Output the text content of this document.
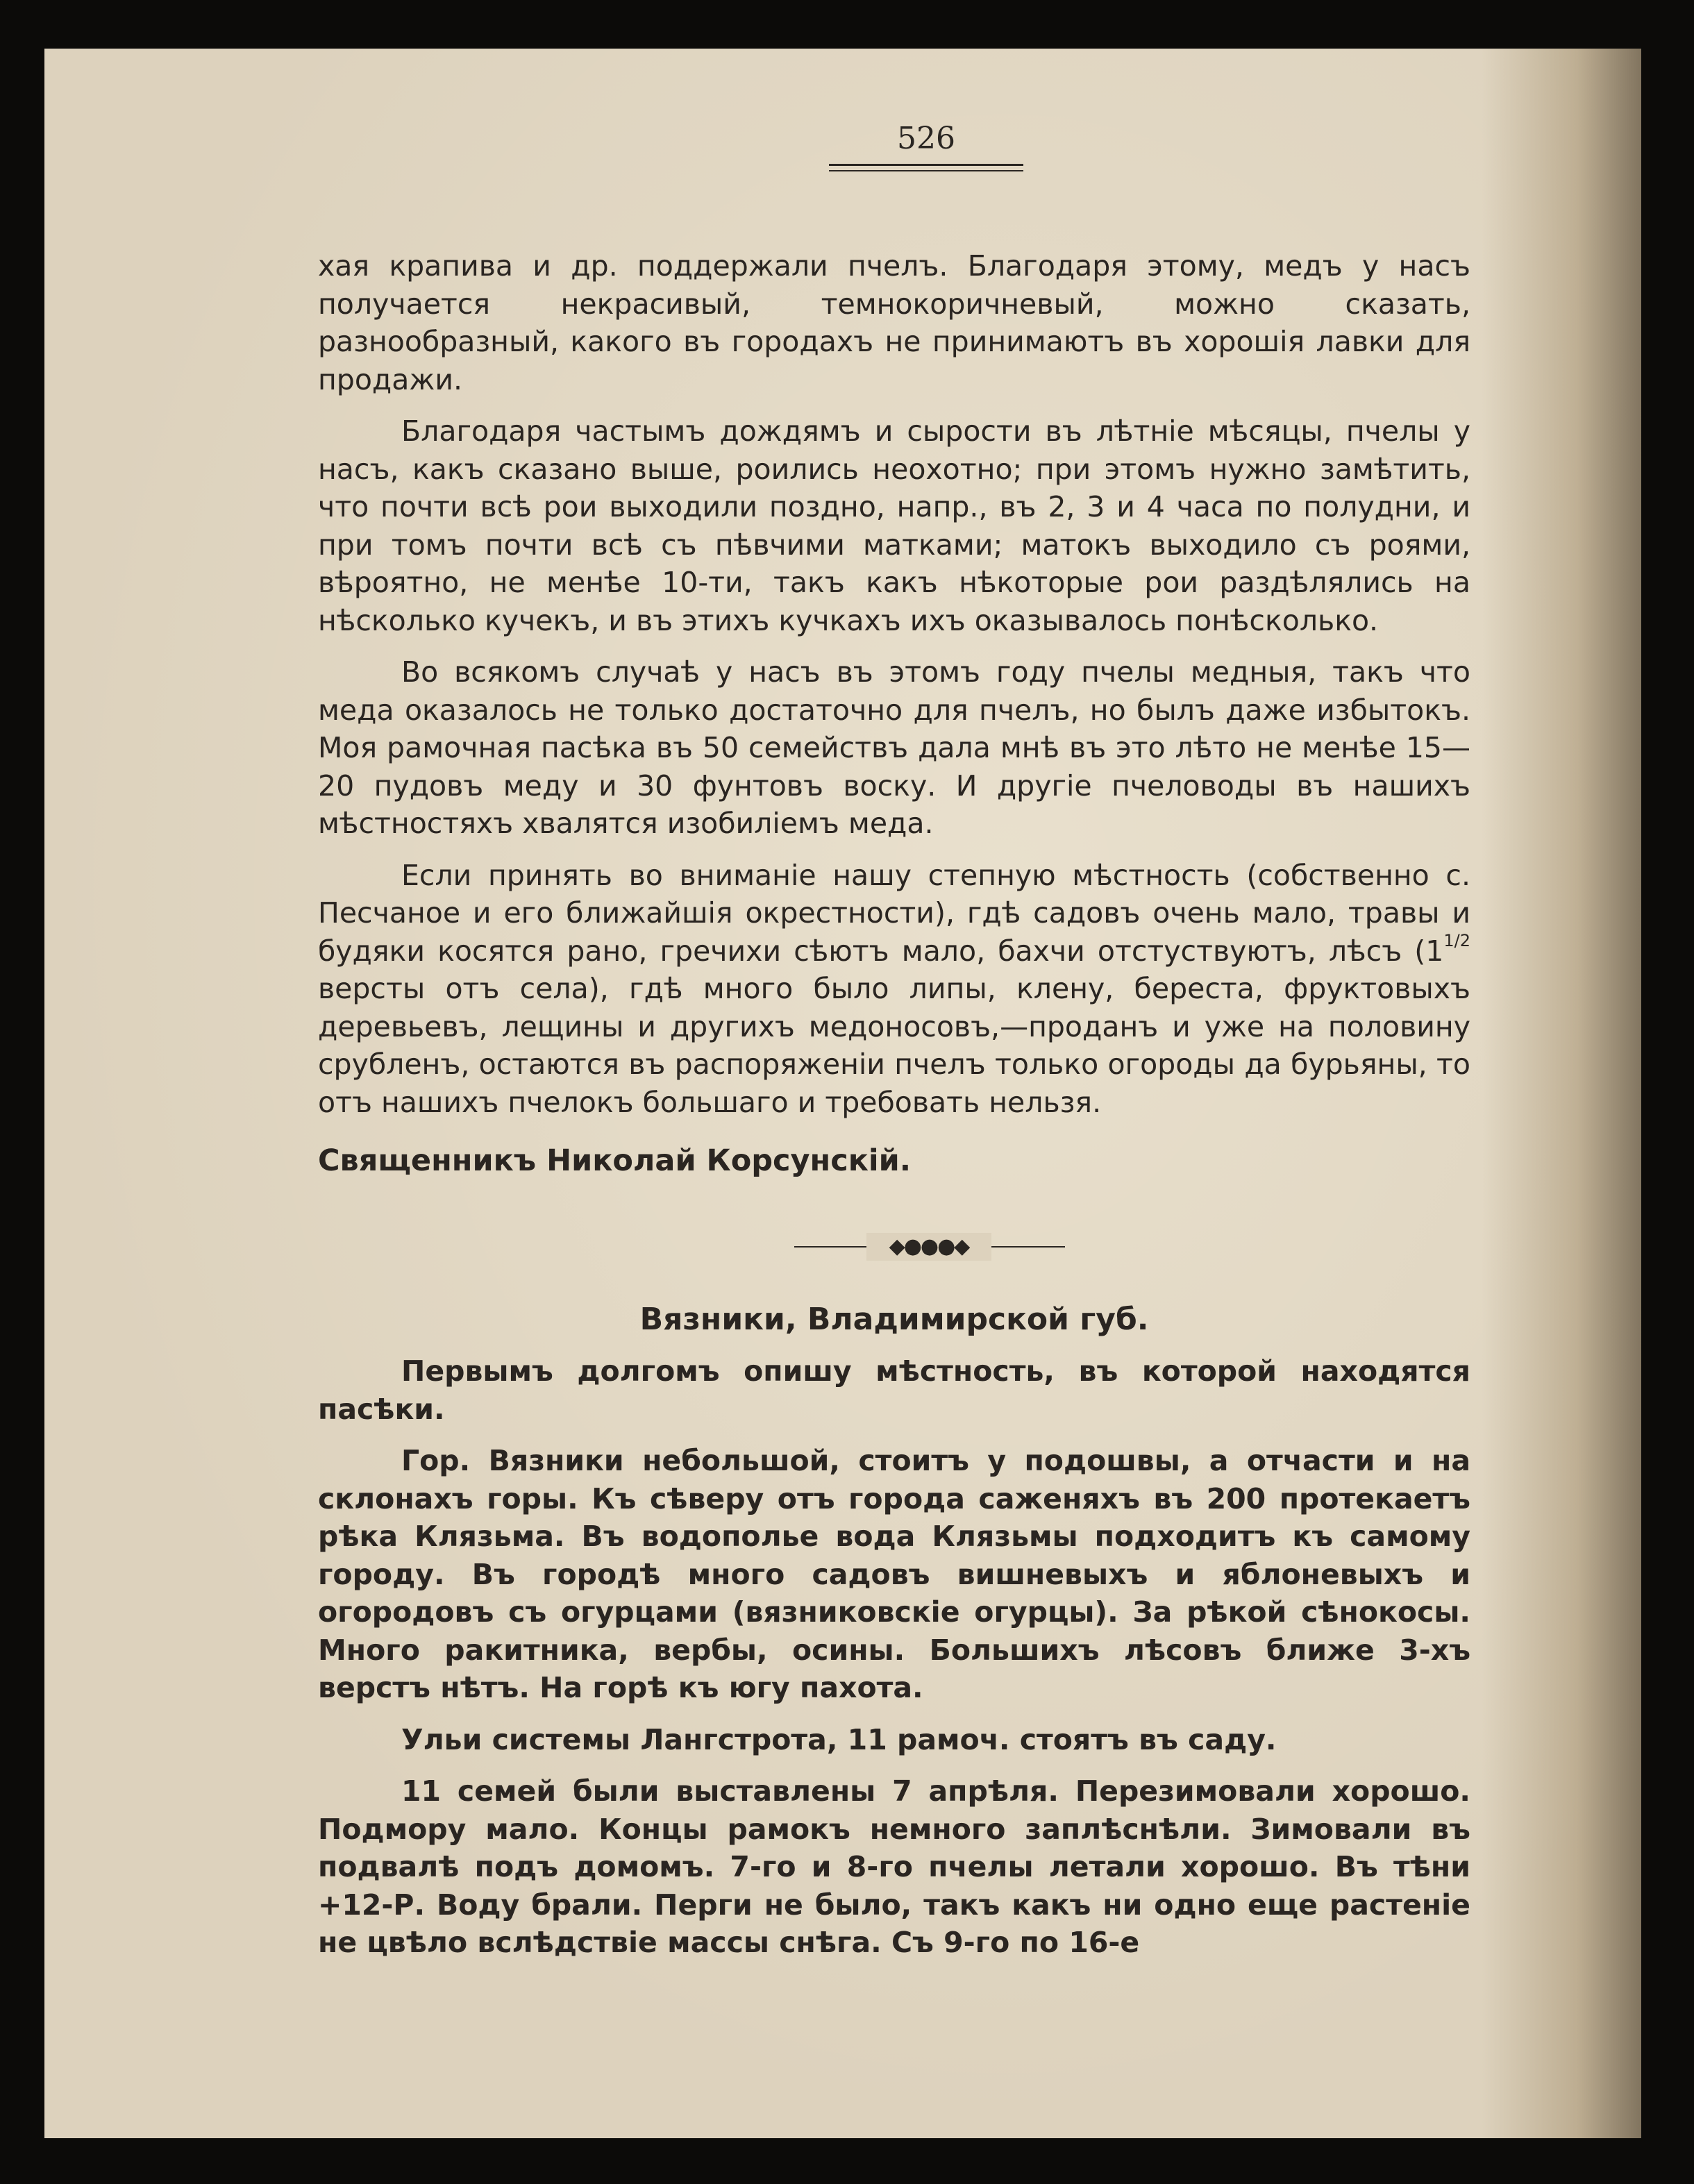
526

хая крапива и др. поддержали пчелъ. Благодаря этому, медъ у насъ получается некрасивый, темнокоричневый, можно сказать, разнообразный, какого въ городахъ не принимаютъ въ хорошія лавки для продажи.

Благодаря частымъ дождямъ и сырости въ лѣтніе мѣсяцы, пчелы у насъ, какъ сказано выше, роились неохотно; при этомъ нужно замѣтить, что почти всѣ рои выходили поздно, напр., въ 2, 3 и 4 часа по полудни, и при томъ почти всѣ съ пѣвчими матками; матокъ выходило съ роями, вѣроятно, не менѣе 10-ти, такъ какъ нѣкоторые рои раздѣлялись на нѣсколько кучекъ, и въ этихъ кучкахъ ихъ оказывалось понѣсколько.

Во всякомъ случаѣ у насъ въ этомъ году пчелы медныя, такъ что меда оказалось не только достаточно для пчелъ, но былъ даже избытокъ. Моя рамочная пасѣка въ 50 семействъ дала мнѣ въ это лѣто не менѣе 15—20 пудовъ меду и 30 фунтовъ воску. И другіе пчеловоды въ нашихъ мѣстностяхъ хвалятся изобиліемъ меда.

Если принять во вниманіе нашу степную мѣстность (собственно с. Песчаное и его ближайшія окрестности), гдѣ садовъ очень мало, травы и будяки косятся рано, гречихи сѣютъ мало, бахчи отстуствуютъ, лѣсъ ($1^{1/2}$ версты отъ села), гдѣ много было липы, клену, береста, фруктовыхъ деревьевъ, лещины и другихъ медоносовъ,—проданъ и уже на половину срубленъ, остаются въ распоряженіи пчелъ только огороды да бурьяны, то отъ нашихъ пчелокъ большаго и требовать нельзя.

Священникъ Николай Корсунскій.

◆●●●◆

Вязники, Владимирской губ.

Первымъ долгомъ опишу мѣстность, въ которой находятся пасѣки.

Гор. Вязники небольшой, стоитъ у подошвы, а отчасти и на склонахъ горы. Къ сѣверу отъ города саженяхъ въ 200 протекаетъ рѣка Клязьма. Въ водополье вода Клязьмы подходитъ къ самому городу. Въ городѣ много садовъ вишневыхъ и яблоневыхъ и огородовъ съ огурцами (вязниковскіе огурцы). За рѣкой сѣнокосы. Много ракитника, вербы, осины. Большихъ лѣсовъ ближе 3-хъ верстъ нѣтъ. На горѣ къ югу пахота.

Ульи системы Лангстрота, 11 рамоч. стоятъ въ саду.

11 семей были выставлены 7 апрѣля. Перезимовали хорошо. Подмору мало. Концы рамокъ немного заплѣснѣли. Зимовали въ подвалѣ подъ домомъ. 7-го и 8-го пчелы летали хорошо. Въ тѣни +12-Р. Воду брали. Перги не было, такъ какъ ни одно еще растеніе не цвѣло вслѣдствіе массы снѣга. Съ 9-го по 16-е
